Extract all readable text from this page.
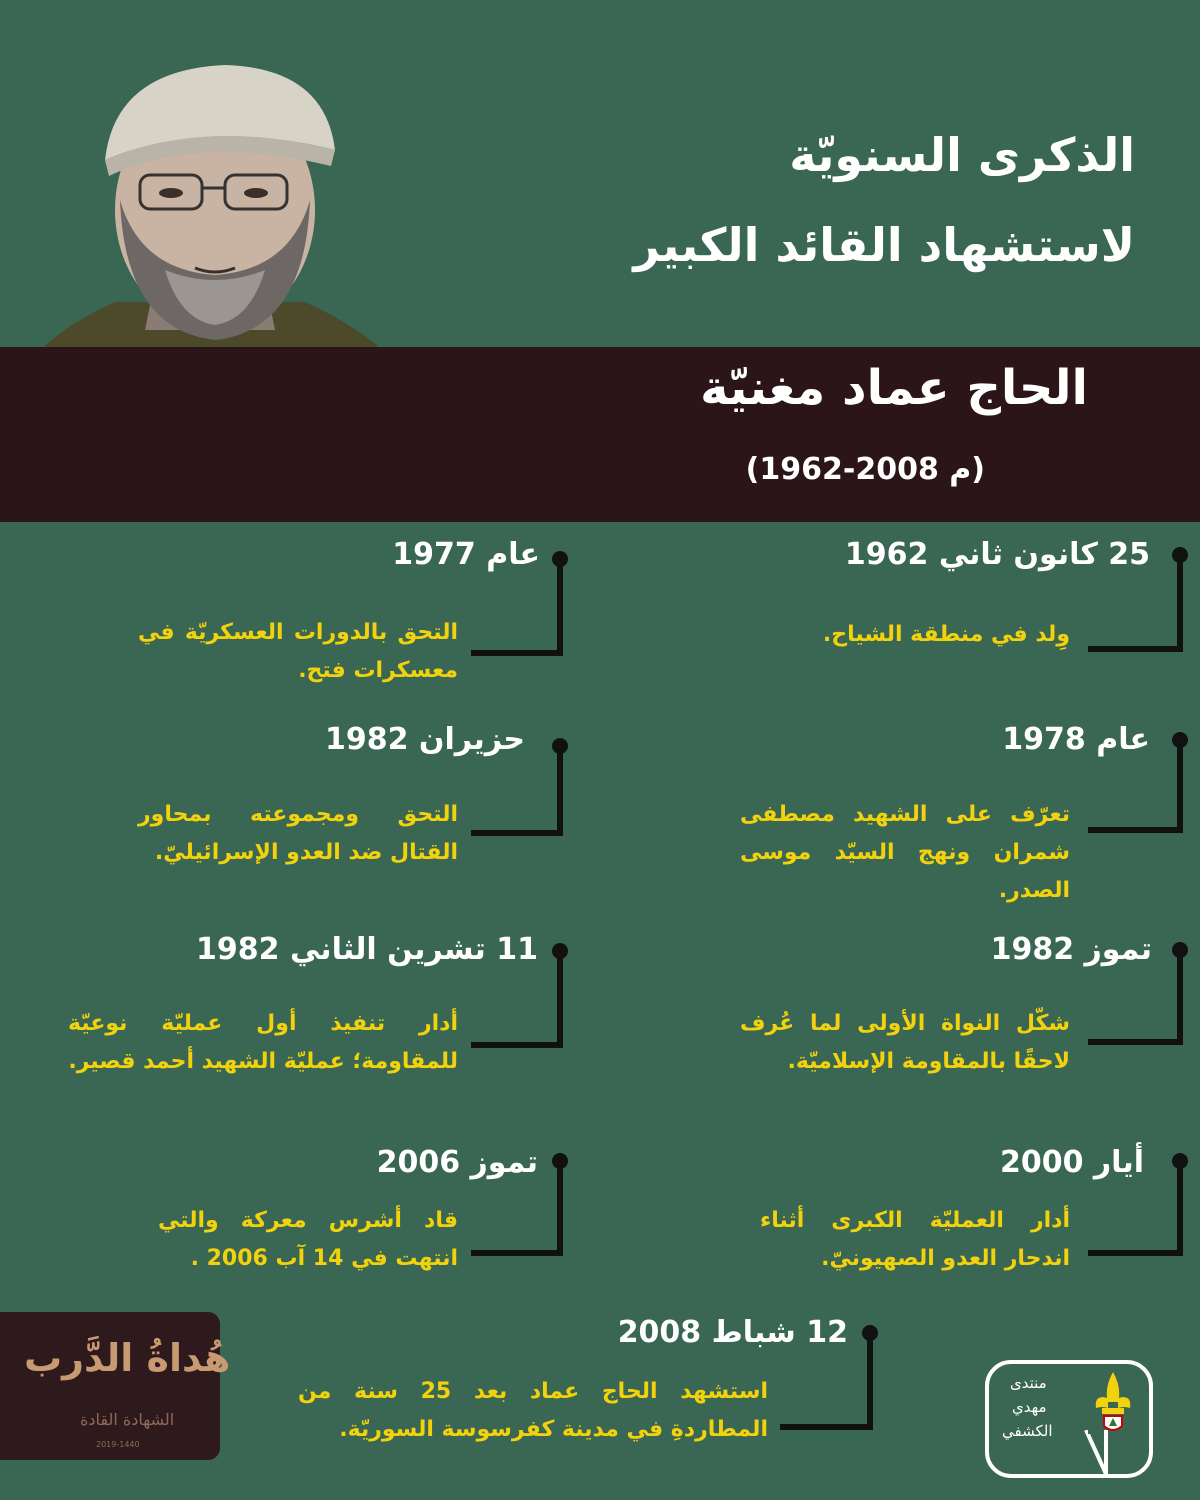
الذكرى السنويّة
لاستشهاد القائد الكبير
الحاج عماد مغنيّة
(1962-2008 م)
25 كانون ثاني 1962
وِلد في منطقة الشياح.
عام 1977
التحق بالدورات العسكريّة في معسكرات فتح.
عام 1978
تعرّف على الشهيد مصطفى شمران ونهج السيّد موسى الصدر.
حزيران 1982
التحق ومجموعته بمحاور القتال ضد العدو الإسرائيليّ.
تموز 1982
شكّل النواة الأولى لما عُرف لاحقًا بالمقاومة الإسلاميّة.
11 تشرين الثاني 1982
أدار تنفيذ أول عمليّة نوعيّة للمقاومة؛ عمليّة الشهيد أحمد قصير.
أيار 2000
أدار العمليّة الكبرى أثناء اندحار العدو الصهيونيّ.
تموز 2006
قاد أشرس معركة والتي انتهت في 14 آب 2006 .
12 شباط 2008
استشهد الحاج عماد بعد 25 سنة من المطاردةِ في مدينة كفرسوسة السوريّة.
هُداةُ الدَّرب
الشهادة القادة
2019-1440
منتدى
مهدي
الكشفي
